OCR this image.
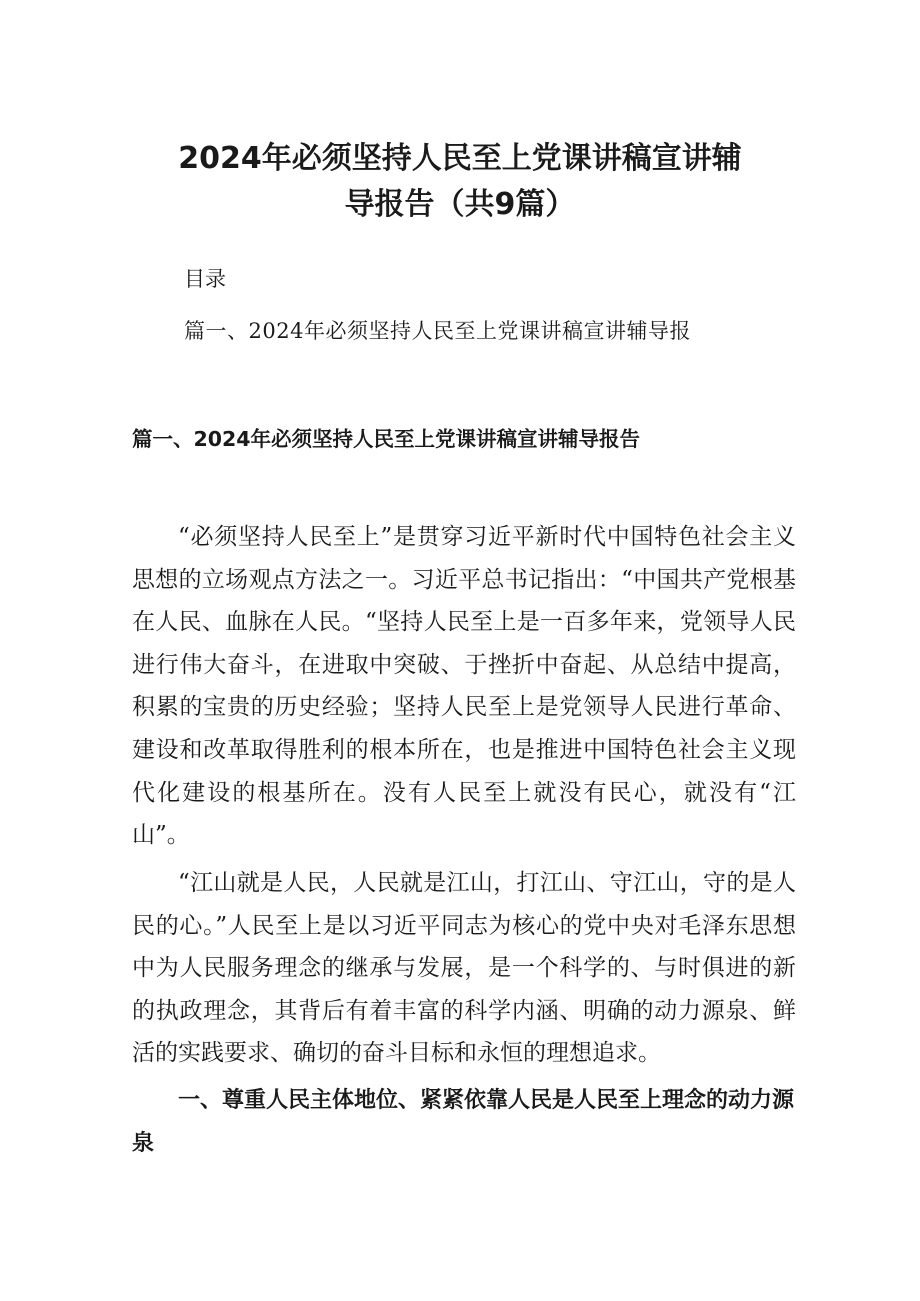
2024年必须坚持人民至上党课讲稿宣讲辅
导报告（共9篇）
目录
篇一、2024年必须坚持人民至上党课讲稿宣讲辅导报
篇一、2024年必须坚持人民至上党课讲稿宣讲辅导报告

“必须坚持人民至上”是贯穿习近平新时代中国特色社会主义思想的立场观点方法之一。习近平总书记指出：“中国共产党根基在人民、血脉在人民。“坚持人民至上是一百多年来，党领导人民进行伟大奋斗，在进取中突破、于挫折中奋起、从总结中提高，积累的宝贵的历史经验；坚持人民至上是党领导人民进行革命、建设和改革取得胜利的根本所在，也是推进中国特色社会主义现代化建设的根基所在。没有人民至上就没有民心，就没有“江山”。

“江山就是人民，人民就是江山，打江山、守江山，守的是人民的心。”人民至上是以习近平同志为核心的党中央对毛泽东思想中为人民服务理念的继承与发展，是一个科学的、与时俱进的新的执政理念，其背后有着丰富的科学内涵、明确的动力源泉、鲜活的实践要求、确切的奋斗目标和永恒的理想追求。

一、尊重人民主体地位、紧紧依靠人民是人民至上理念的动力源泉
